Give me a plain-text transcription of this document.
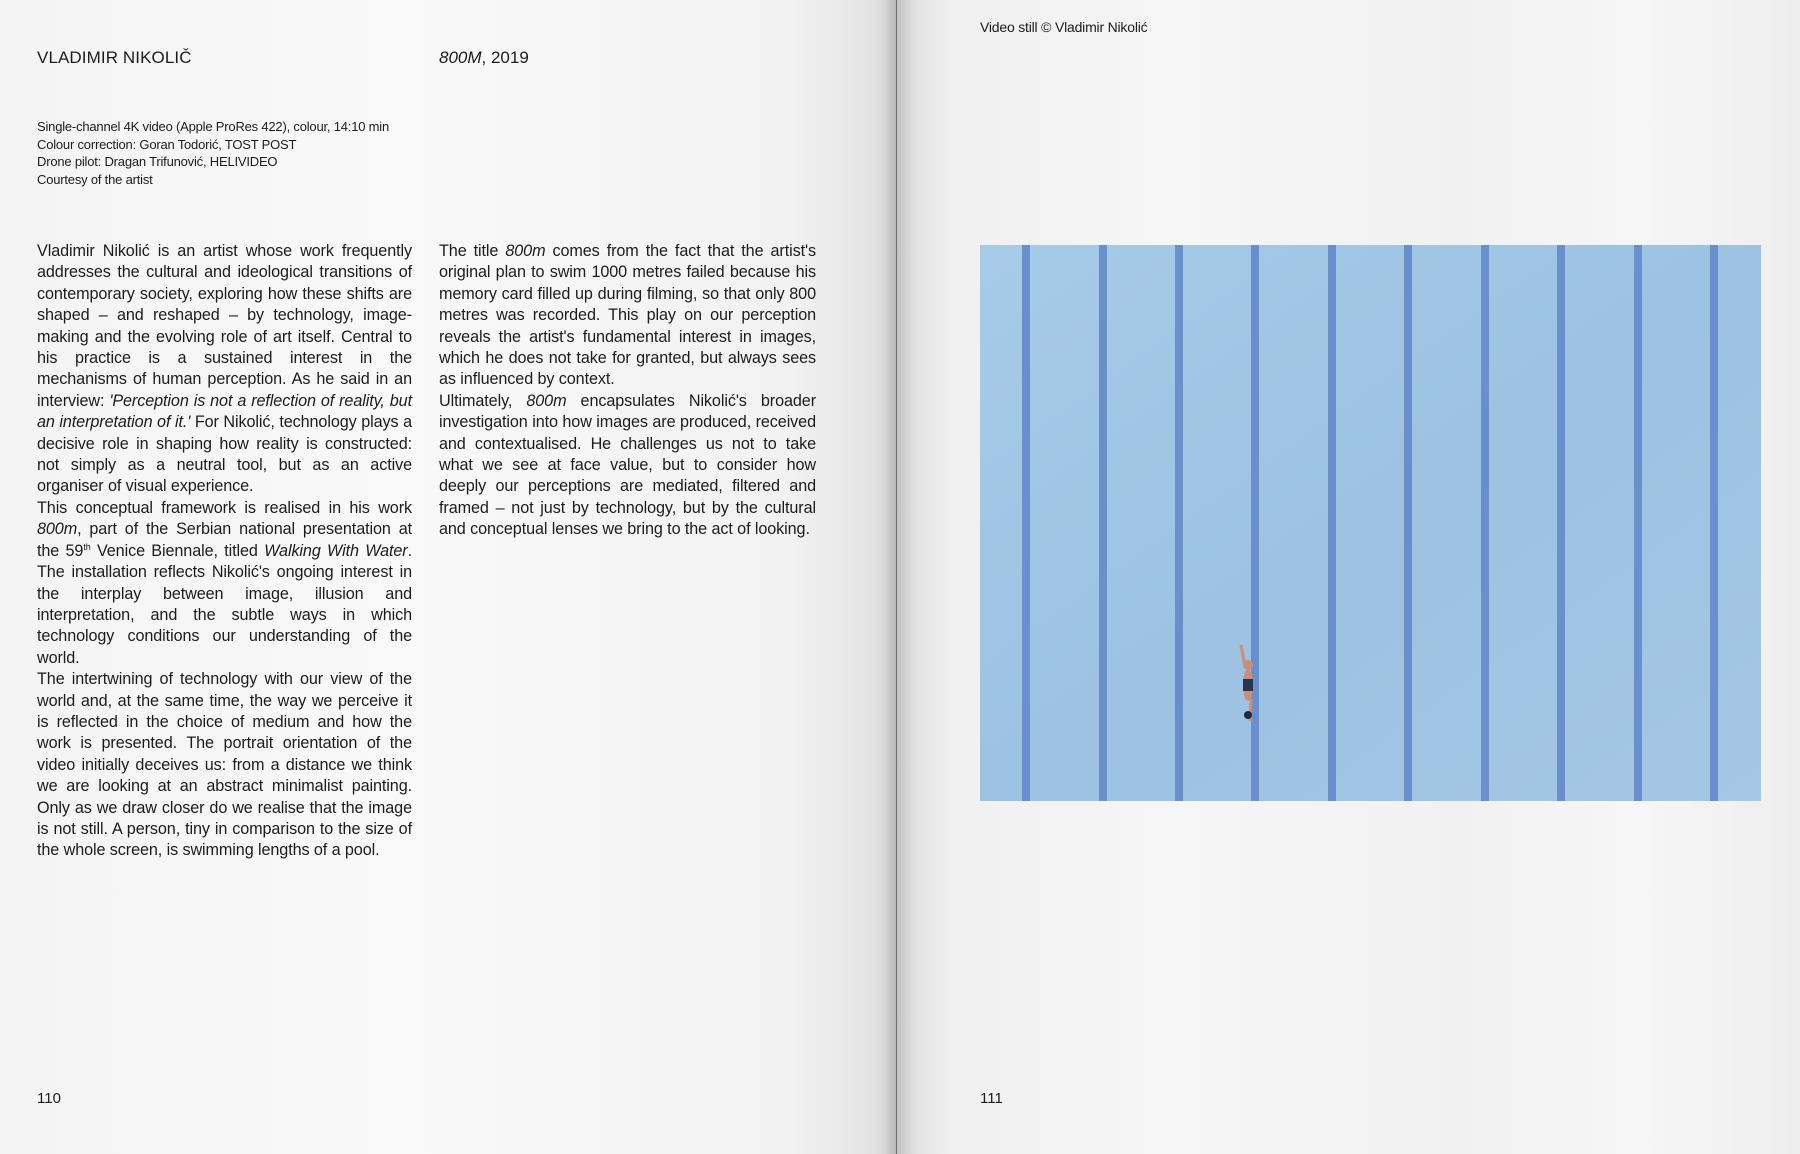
VLADIMIR NIKOLIČ	800M, 2019
Single-channel 4K video (Apple ProRes 422), colour, 14:10 min
Colour correction: Goran Todorić, TOST POST
Drone pilot: Dragan Trifunović, HELIVIDEO
Courtesy of the artist

Vladimir Nikolić is an artist whose work frequently addresses the cultural and ideological transitions of contemporary society, exploring how these shifts are shaped – and reshaped – by technology, image-making and the evolving role of art itself. Central to his practice is a sustained interest in the mechanisms of human perception. As he said in an interview: 'Perception is not a reflection of reality, but an interpretation of it.' For Nikolić, technology plays a decisive role in shaping how reality is constructed: not simply as a neutral tool, but as an active organiser of visual experience.

This conceptual framework is realised in his work 800m, part of the Serbian national presentation at the 59th Venice Biennale, titled Walking With Water. The installation reflects Nikolić's ongoing interest in the interplay between image, illusion and interpretation, and the subtle ways in which technology conditions our understanding of the world.

The intertwining of technology with our view of the world and, at the same time, the way we perceive it is reflected in the choice of medium and how the work is presented. The portrait orientation of the video initially deceives us: from a distance we think we are looking at an abstract minimalist painting. Only as we draw closer do we realise that the image is not still. A person, tiny in comparison to the size of the whole screen, is swimming lengths of a pool.

The title 800m comes from the fact that the artist's original plan to swim 1000 metres failed because his memory card filled up during filming, so that only 800 metres was recorded. This play on our perception reveals the artist's fundamental interest in images, which he does not take for granted, but always sees as influenced by context.

Ultimately, 800m encapsulates Nikolić's broader investigation into how images are produced, received and contextualised. He challenges us not to take what we see at face value, but to consider how deeply our perceptions are mediated, filtered and framed – not just by technology, but by the cultural and conceptual lenses we bring to the act of looking.

110
Video still © Vladimir Nikolić
111
